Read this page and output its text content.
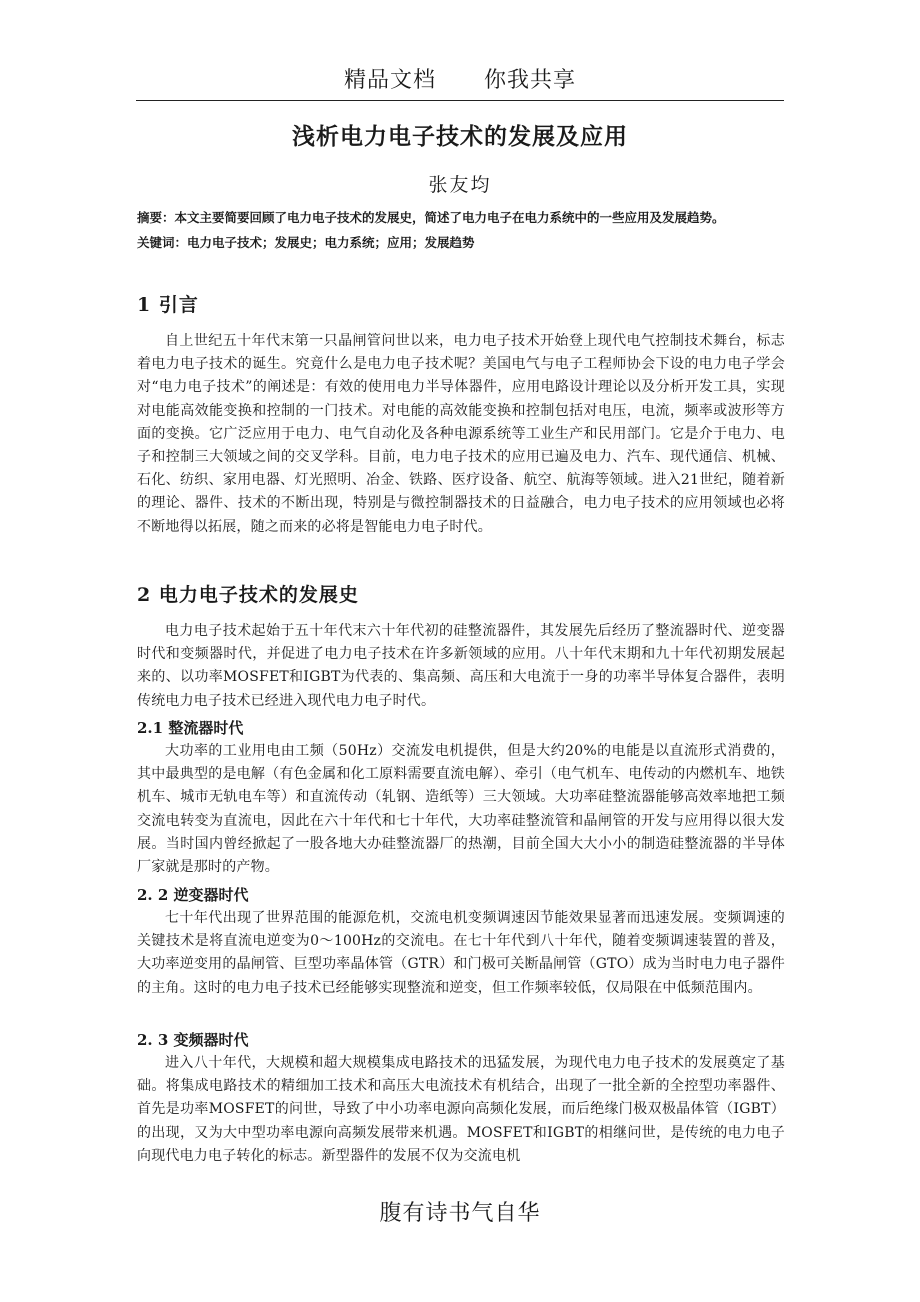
精品文档 你我共享
浅析电力电子技术的发展及应用
张友均
摘要：本文主要简要回顾了电力电子技术的发展史，简述了电力电子在电力系统中的一些应用及发展趋势。
关键词：电力电子技术；发展史；电力系统；应用；发展趋势
1 引言
自上世纪五十年代末第一只晶闸管问世以来，电力电子技术开始登上现代电气控制技术舞台，标志着电力电子技术的诞生。究竟什么是电力电子技术呢？美国电气与电子工程师协会下设的电力电子学会对“电力电子技术”的阐述是：有效的使用电力半导体器件，应用电路设计理论以及分析开发工具，实现对电能高效能变换和控制的一门技术。对电能的高效能变换和控制包括对电压，电流，频率或波形等方面的变换。它广泛应用于电力、电气自动化及各种电源系统等工业生产和民用部门。它是介于电力、电子和控制三大领域之间的交叉学科。目前，电力电子技术的应用已遍及电力、汽车、现代通信、机械、石化、纺织、家用电器、灯光照明、冶金、铁路、医疗设备、航空、航海等领域。进入21世纪，随着新的理论、器件、技术的不断出现，特别是与微控制器技术的日益融合，电力电子技术的应用领域也必将不断地得以拓展，随之而来的必将是智能电力电子时代。
2 电力电子技术的发展史
电力电子技术起始于五十年代末六十年代初的硅整流器件，其发展先后经历了整流器时代、逆变器时代和变频器时代，并促进了电力电子技术在许多新领域的应用。八十年代末期和九十年代初期发展起来的、以功率MOSFET和IGBT为代表的、集高频、高压和大电流于一身的功率半导体复合器件，表明传统电力电子技术已经进入现代电力电子时代。
2.1 整流器时代
大功率的工业用电由工频（50Hz）交流发电机提供，但是大约20%的电能是以直流形式消费的，其中最典型的是电解（有色金属和化工原料需要直流电解）、牵引（电气机车、电传动的内燃机车、地铁机车、城市无轨电车等）和直流传动（轧钢、造纸等）三大领域。大功率硅整流器能够高效率地把工频交流电转变为直流电，因此在六十年代和七十年代，大功率硅整流管和晶闸管的开发与应用得以很大发展。当时国内曾经掀起了一股各地大办硅整流器厂的热潮，目前全国大大小小的制造硅整流器的半导体厂家就是那时的产物。
2. 2 逆变器时代
七十年代出现了世界范围的能源危机，交流电机变频调速因节能效果显著而迅速发展。变频调速的关键技术是将直流电逆变为0～100Hz的交流电。在七十年代到八十年代，随着变频调速装置的普及，大功率逆变用的晶闸管、巨型功率晶体管（GTR）和门极可关断晶闸管（GTO）成为当时电力电子器件的主角。这时的电力电子技术已经能够实现整流和逆变，但工作频率较低，仅局限在中低频范围内。
2. 3 变频器时代
进入八十年代，大规模和超大规模集成电路技术的迅猛发展，为现代电力电子技术的发展奠定了基础。将集成电路技术的精细加工技术和高压大电流技术有机结合，出现了一批全新的全控型功率器件、首先是功率MOSFET的问世，导致了中小功率电源向高频化发展，而后绝缘门极双极晶体管（IGBT）的出现，又为大中型功率电源向高频发展带来机遇。MOSFET和IGBT的相继问世，是传统的电力电子向现代电力电子转化的标志。新型器件的发展不仅为交流电机
腹有诗书气自华
